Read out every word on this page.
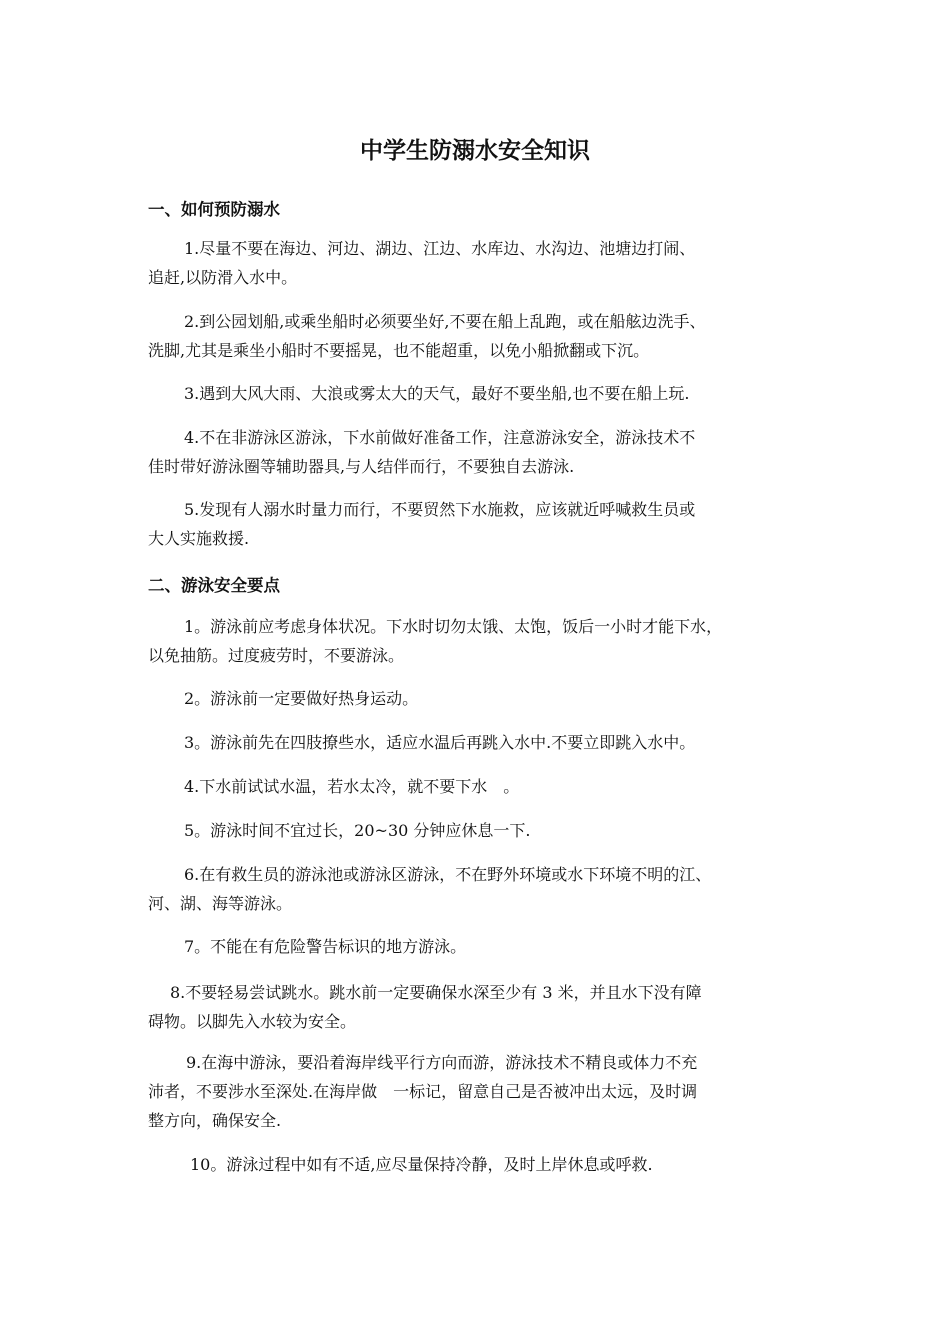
中学生防溺水安全知识
一、如何预防溺水
1.尽量不要在海边、河边、湖边、江边、水库边、水沟边、池塘边打闹、
追赶,以防滑入水中。
2.到公园划船,或乘坐船时必须要坐好,不要在船上乱跑，或在船舷边洗手、
洗脚,尤其是乘坐小船时不要摇晃，也不能超重，以免小船掀翻或下沉。
3.遇到大风大雨、大浪或雾太大的天气，最好不要坐船,也不要在船上玩.
4.不在非游泳区游泳，下水前做好准备工作，注意游泳安全，游泳技术不
佳时带好游泳圈等辅助器具,与人结伴而行，不要独自去游泳.
5.发现有人溺水时量力而行，不要贸然下水施救，应该就近呼喊救生员或
大人实施救援.
二、游泳安全要点
1。游泳前应考虑身体状况。下水时切勿太饿、太饱，饭后一小时才能下水，
以免抽筋。过度疲劳时，不要游泳。
2。游泳前一定要做好热身运动。
3。游泳前先在四肢撩些水，适应水温后再跳入水中.不要立即跳入水中。
4.下水前试试水温，若水太冷，就不要下水　。
5。游泳时间不宜过长，20~30 分钟应休息一下.
6.在有救生员的游泳池或游泳区游泳，不在野外环境或水下环境不明的江、
河、湖、海等游泳。
7。不能在有危险警告标识的地方游泳。
8.不要轻易尝试跳水。跳水前一定要确保水深至少有 3 米，并且水下没有障
碍物。以脚先入水较为安全。
9.在海中游泳，要沿着海岸线平行方向而游，游泳技术不精良或体力不充
沛者，不要涉水至深处.在海岸做　一标记，留意自己是否被冲出太远，及时调
整方向，确保安全.
10。游泳过程中如有不适,应尽量保持冷静，及时上岸休息或呼救.
